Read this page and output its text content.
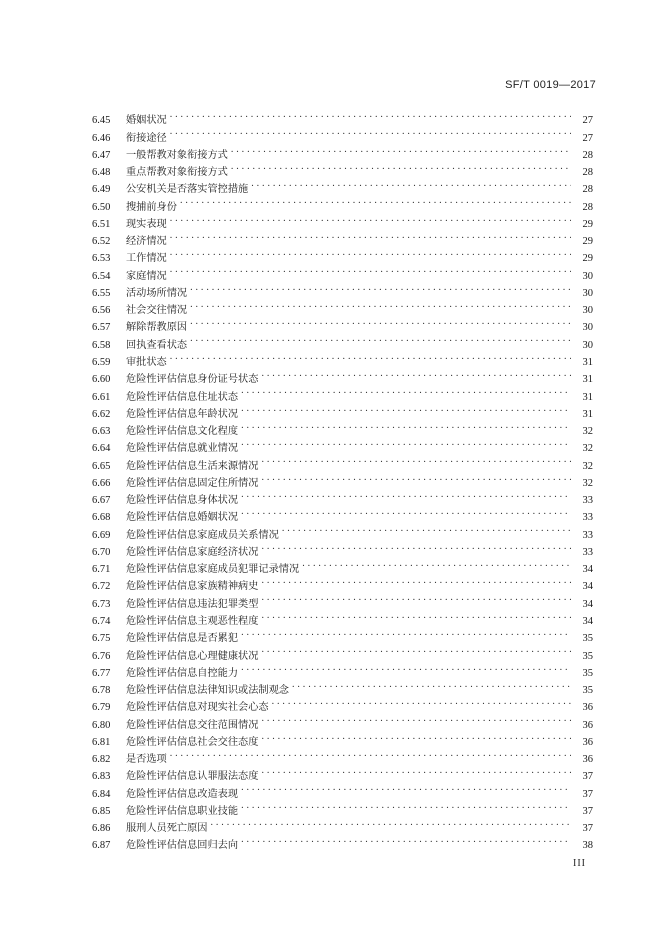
SF/T 0019—2017
6.45	婚姻状况 . . .	27
6.46	衔接途径 . . .	27
6.47	一般帮教对象衔接方式 . . .	28
6.48	重点帮教对象衔接方式 . . .	28
6.49	公安机关是否落实管控措施 . . .	28
6.50	搜捕前身份 . . .	28
6.51	现实表现 . . .	29
6.52	经济情况 . . .	29
6.53	工作情况 . . .	29
6.54	家庭情况 . . .	30
6.55	活动场所情况 . . .	30
6.56	社会交往情况 . . .	30
6.57	解除帮教原因 . . .	30
6.58	回执查看状态 . . .	30
6.59	审批状态 . . .	31
6.60	危险性评估信息身份证号状态 . . .	31
6.61	危险性评估信息住址状态 . . .	31
6.62	危险性评估信息年龄状况 . . .	31
6.63	危险性评估信息文化程度 . . .	32
6.64	危险性评估信息就业情况 . . .	32
6.65	危险性评估信息生活来源情况 . . .	32
6.66	危险性评估信息固定住所情况 . . .	32
6.67	危险性评估信息身体状况 . . .	33
6.68	危险性评估信息婚姻状况 . . .	33
6.69	危险性评估信息家庭成员关系情况 . . .	33
6.70	危险性评估信息家庭经济状况 . . .	33
6.71	危险性评估信息家庭成员犯罪记录情况 . . .	34
6.72	危险性评估信息家族精神病史 . . .	34
6.73	危险性评估信息违法犯罪类型 . . .	34
6.74	危险性评估信息主观恶性程度 . . .	34
6.75	危险性评估信息是否累犯 . . .	35
6.76	危险性评估信息心理健康状况 . . .	35
6.77	危险性评估信息自控能力 . . .	35
6.78	危险性评估信息法律知识或法制观念 . . .	35
6.79	危险性评估信息对现实社会心态 . . .	36
6.80	危险性评估信息交往范围情况 . . .	36
6.81	危险性评估信息社会交往态度 . . .	36
6.82	是否选项 . . .	36
6.83	危险性评估信息认罪服法态度 . . .	37
6.84	危险性评估信息改造表现 . . .	37
6.85	危险性评估信息职业技能 . . .	37
6.86	服刑人员死亡原因 . . .	37
6.87	危险性评估信息回归去向 . . .	38
III
